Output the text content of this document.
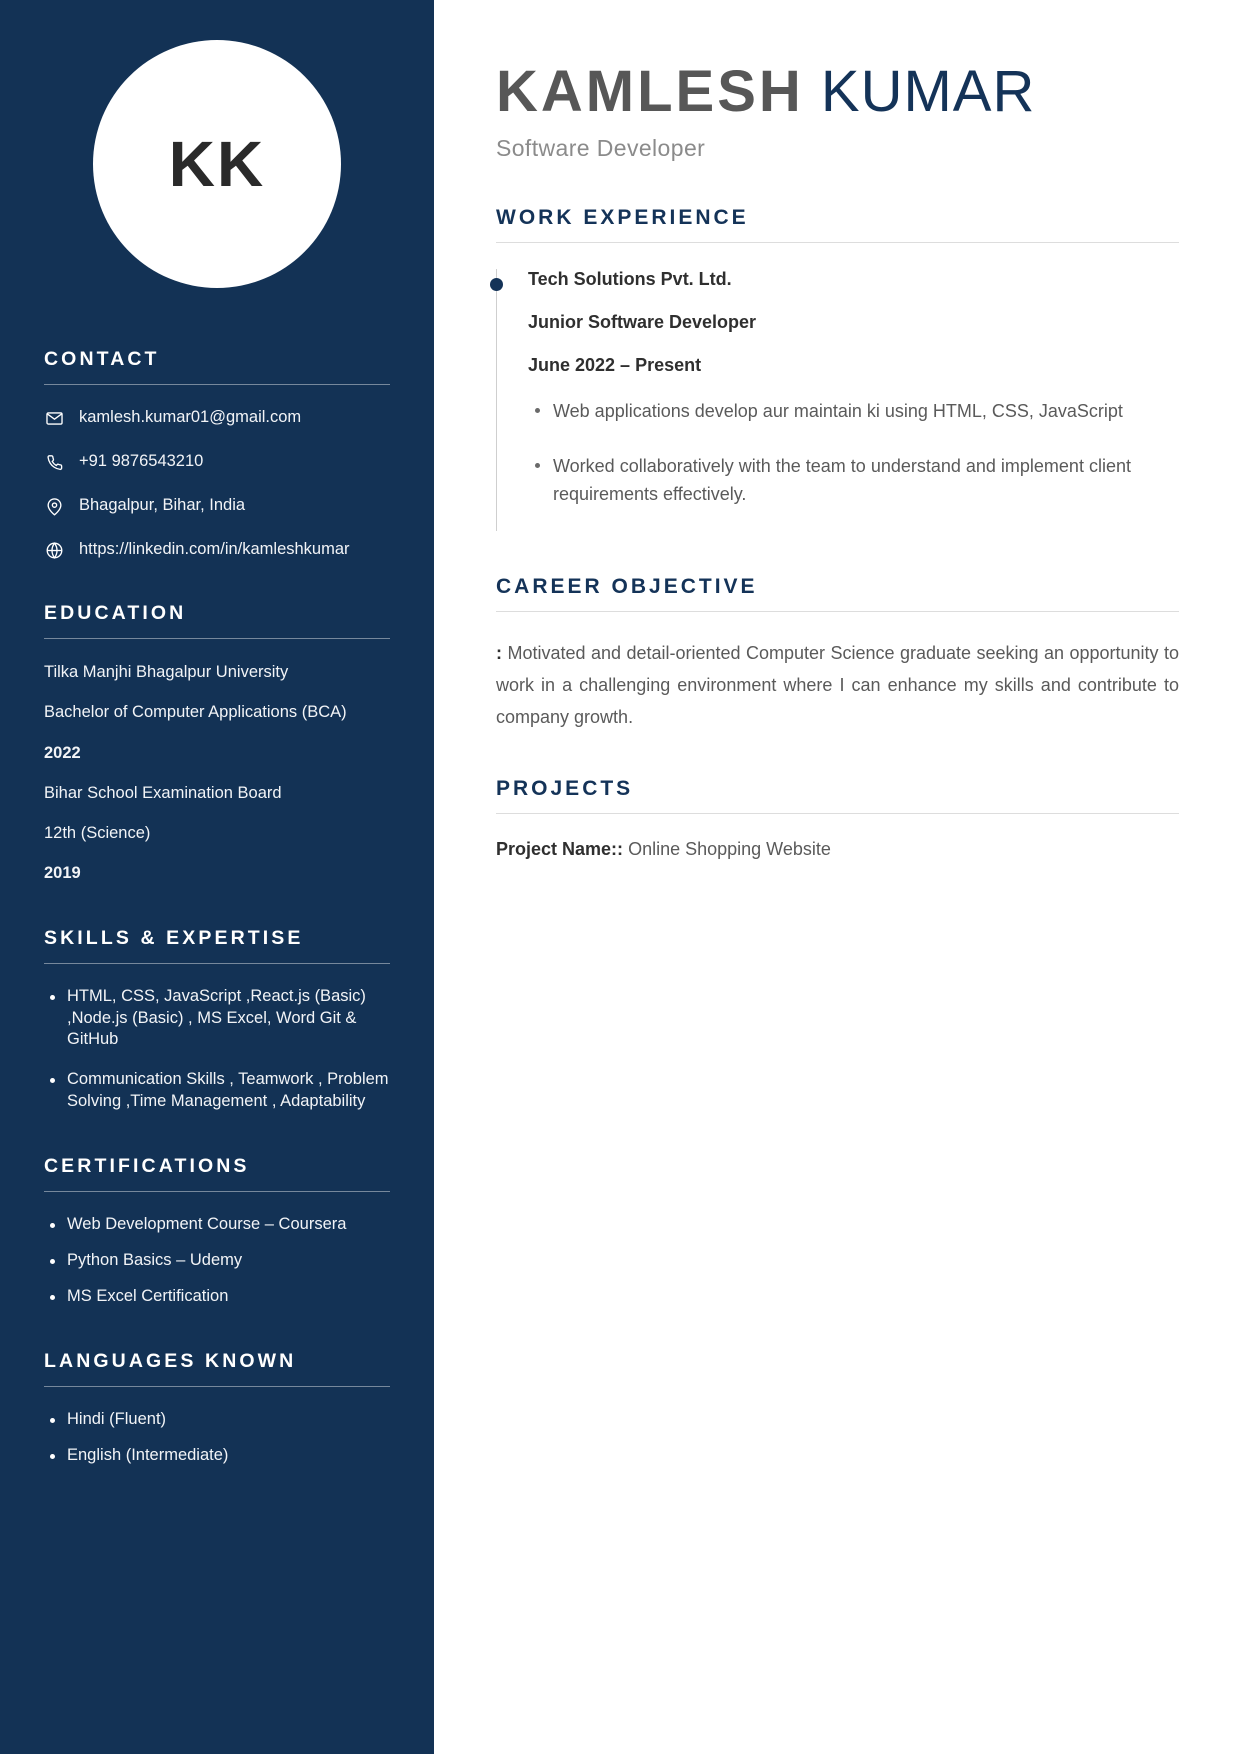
KK
CONTACT
kamlesh.kumar01@gmail.com
+91 9876543210
Bhagalpur, Bihar, India
https://linkedin.com/in/kamleshkumar
EDUCATION
Tilka Manjhi Bhagalpur University
Bachelor of Computer Applications (BCA)
2022
Bihar School Examination Board
12th (Science)
2019
SKILLS & EXPERTISE
HTML, CSS, JavaScript ,React.js (Basic) ,Node.js (Basic) , MS Excel, Word Git & GitHub
Communication Skills , Teamwork , Problem Solving ,Time Management , Adaptability
CERTIFICATIONS
Web Development Course – Coursera
Python Basics – Udemy
MS Excel Certification
LANGUAGES KNOWN
Hindi (Fluent)
English (Intermediate)
KAMLESH KUMAR
Software Developer
WORK EXPERIENCE
Tech Solutions Pvt. Ltd.
Junior Software Developer
June 2022 – Present
Web applications develop aur maintain ki using HTML, CSS, JavaScript
Worked collaboratively with the team to understand and implement client requirements effectively.
CAREER OBJECTIVE

: Motivated and detail-oriented Computer Science graduate seeking an opportunity to work in a challenging environment where I can enhance my skills and contribute to company growth.

PROJECTS
Project Name:: Online Shopping Website
